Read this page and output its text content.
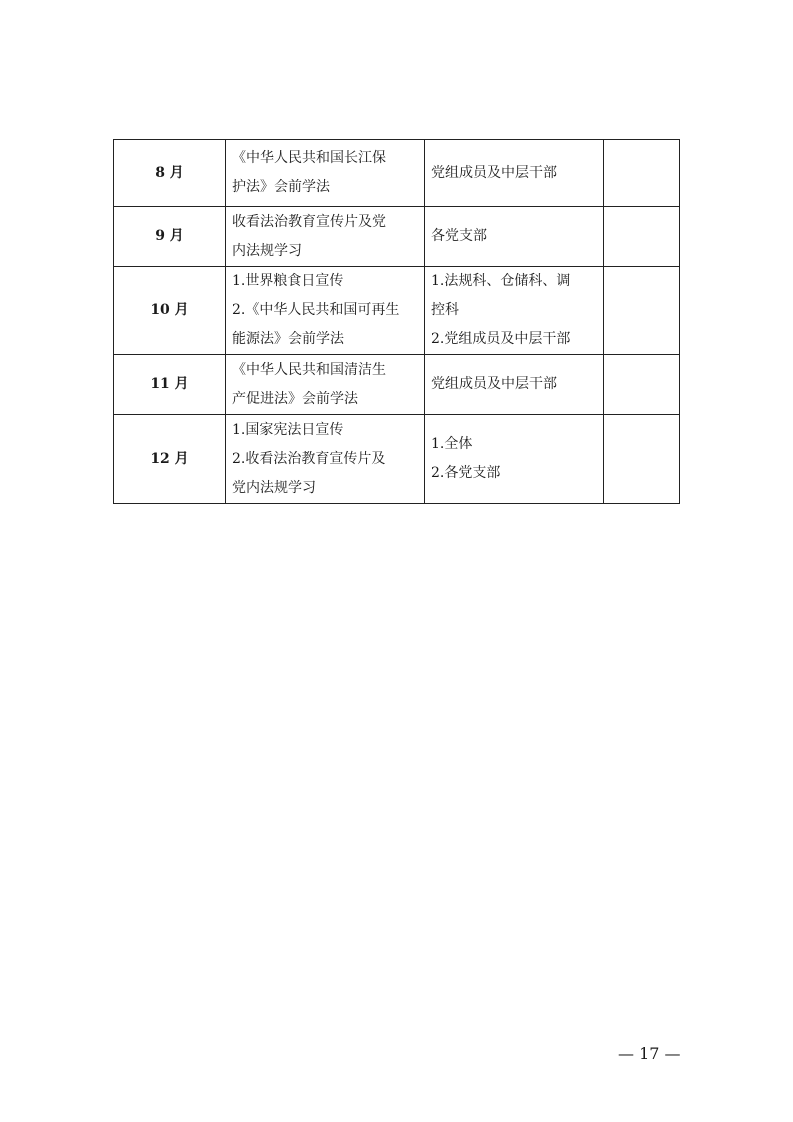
8 月	《中华人民共和国长江保
护法》会前学法	党组成员及中层干部	

9 月	收看法治教育宣传片及党
内法规学习	各党支部	

10 月	1.世界粮食日宣传
2.《中华人民共和国可再生
能源法》会前学法	1.法规科、仓储科、调
控科
2.党组成员及中层干部	

11 月	《中华人民共和国清洁生
产促进法》会前学法	党组成员及中层干部	

12 月	1.国家宪法日宣传
2.收看法治教育宣传片及
党内法规学习	1.全体
2.各党支部	

— 17 —
